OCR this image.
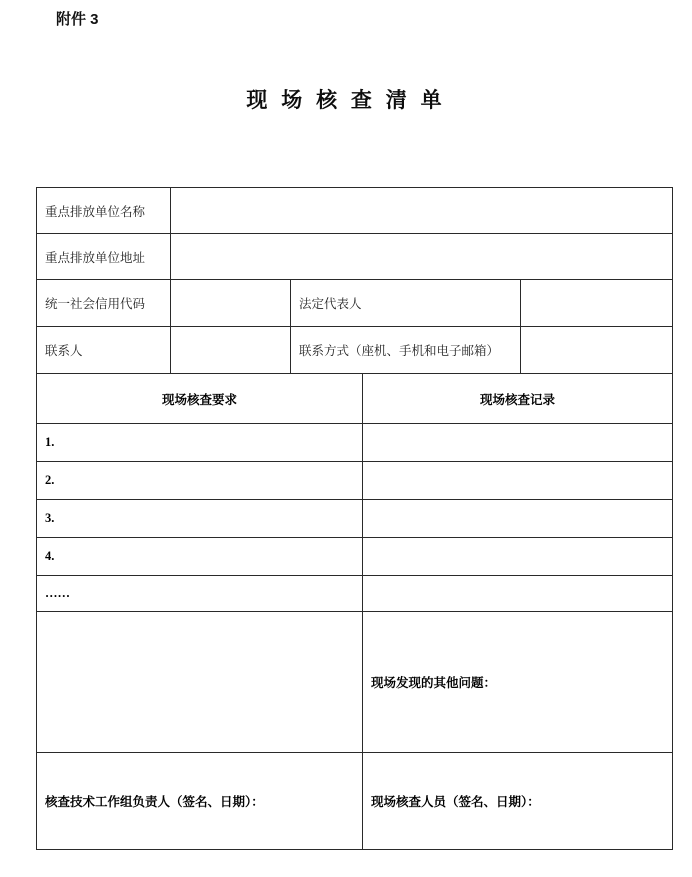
附件 3
现 场 核 查 清 单
重点排放单位名称				
重点排放单位地址				
统一社会信用代码		法定代表人		
联系人		联系方式（座机、手机和电子邮箱）		
现场核查要求			现场核查记录	
1.				
2.				
3.				
4.				
……				
			现场发现的其他问题：	
核查技术工作组负责人（签名、日期）：			现场核查人员（签名、日期）：	
